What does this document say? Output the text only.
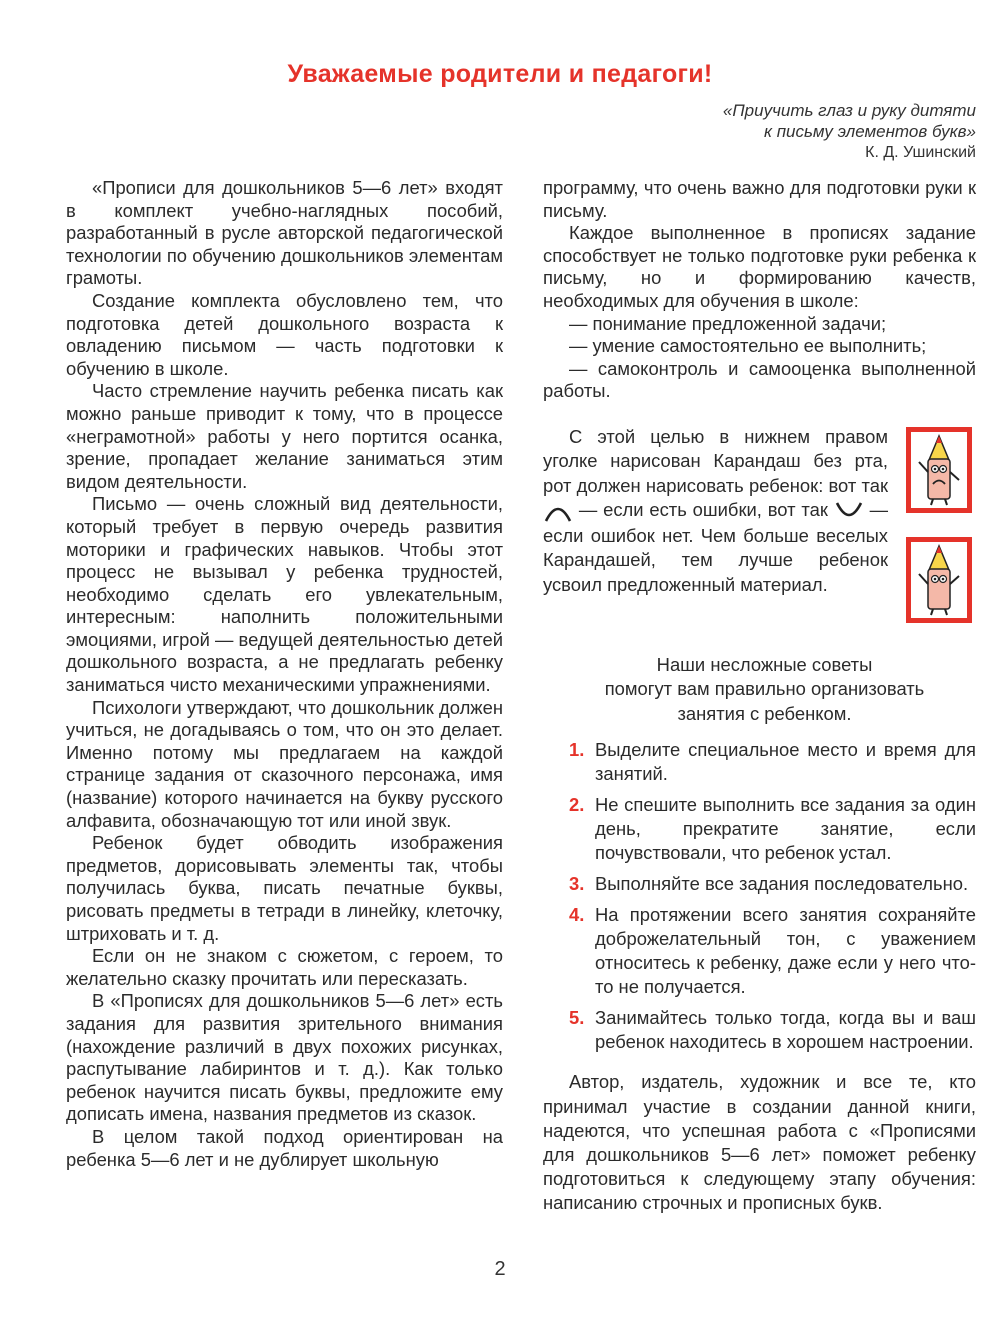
Уважаемые родители и педагоги!
«Приучить глаз и руку дитяти
к письму элементов букв»
К. Д. Ушинский

«Прописи для дошкольников 5—6 лет» входят в комплект учебно-наглядных пособий, разработанный в русле авторской педагогической технологии по обучению дошкольников элементам грамоты.

Создание комплекта обусловлено тем, что подготовка детей дошкольного возраста к овладению письмом — часть подготовки к обучению в школе.

Часто стремление научить ребенка писать как можно раньше приводит к тому, что в процессе «неграмотной» работы у него портится осанка, зрение, пропадает желание заниматься этим видом деятельности.

Письмо — очень сложный вид деятельности, который требует в первую очередь развития моторики и графических навыков. Чтобы этот процесс не вызывал у ребенка трудностей, необходимо сделать его увлекательным, интересным: наполнить положительными эмоциями, игрой — ведущей деятельностью детей дошкольного возраста, а не предлагать ребенку заниматься чисто механическими упражнениями.

Психологи утверждают, что дошкольник должен учиться, не догадываясь о том, что он это делает. Именно потому мы предлагаем на каждой странице задания от сказочного персонажа, имя (название) которого начинается на букву русского алфавита, обозначающую тот или иной звук.

Ребенок будет обводить изображения предметов, дорисовывать элементы так, чтобы получилась буква, писать печатные буквы, рисовать предметы в тетради в линейку, клеточку, штриховать и т. д.

Если он не знаком с сюжетом, с героем, то желательно сказку прочитать или пересказать.

В «Прописях для дошкольников 5—6 лет» есть задания для развития зрительного внимания (нахождение различий в двух похожих рисунках, распутывание лабиринтов и т. д.). Как только ребенок научится писать буквы, предложите ему дописать имена, названия предметов из сказок.

В целом такой подход ориентирован на ребенка 5—6 лет и не дублирует школьную

программу, что очень важно для подготовки руки к письму.

Каждое выполненное в прописях задание способствует не только подготовке руки ребенка к письму, но и формированию качеств, необходимых для обучения в школе:

— понимание предложенной задачи;

— умение самостоятельно ее выполнить;

— самоконтроль и самооценка выполненной работы.

С этой целью в нижнем правом уголке нарисован Карандаш без рта, рот должен нарисовать ребенок: вот так  — если есть ошибки, вот так — если ошибок нет. Чем больше веселых Карандашей, тем лучше ребенок усвоил предложенный материал.

Наши несложные советы
помогут вам правильно организовать
занятия с ребенком.
1. Выделите специальное место и время для занятий.
2. Не спешите выполнить все задания за один день, прекратите занятие, если почувствовали, что ребенок устал.
3. Выполняйте все задания последовательно.
4. На протяжении всего занятия сохраняйте доброжелательный тон, с уважением относитесь к ребенку, даже если у него что-то не получается.
5. Занимайтесь только тогда, когда вы и ваш ребенок находитесь в хорошем настроении.

Автор, издатель, художник и все те, кто принимал участие в создании данной книги, надеются, что успешная работа с «Прописями для дошкольников 5—6 лет» поможет ребенку подготовиться к следующему этапу обучения: написанию строчных и прописных букв.

2
